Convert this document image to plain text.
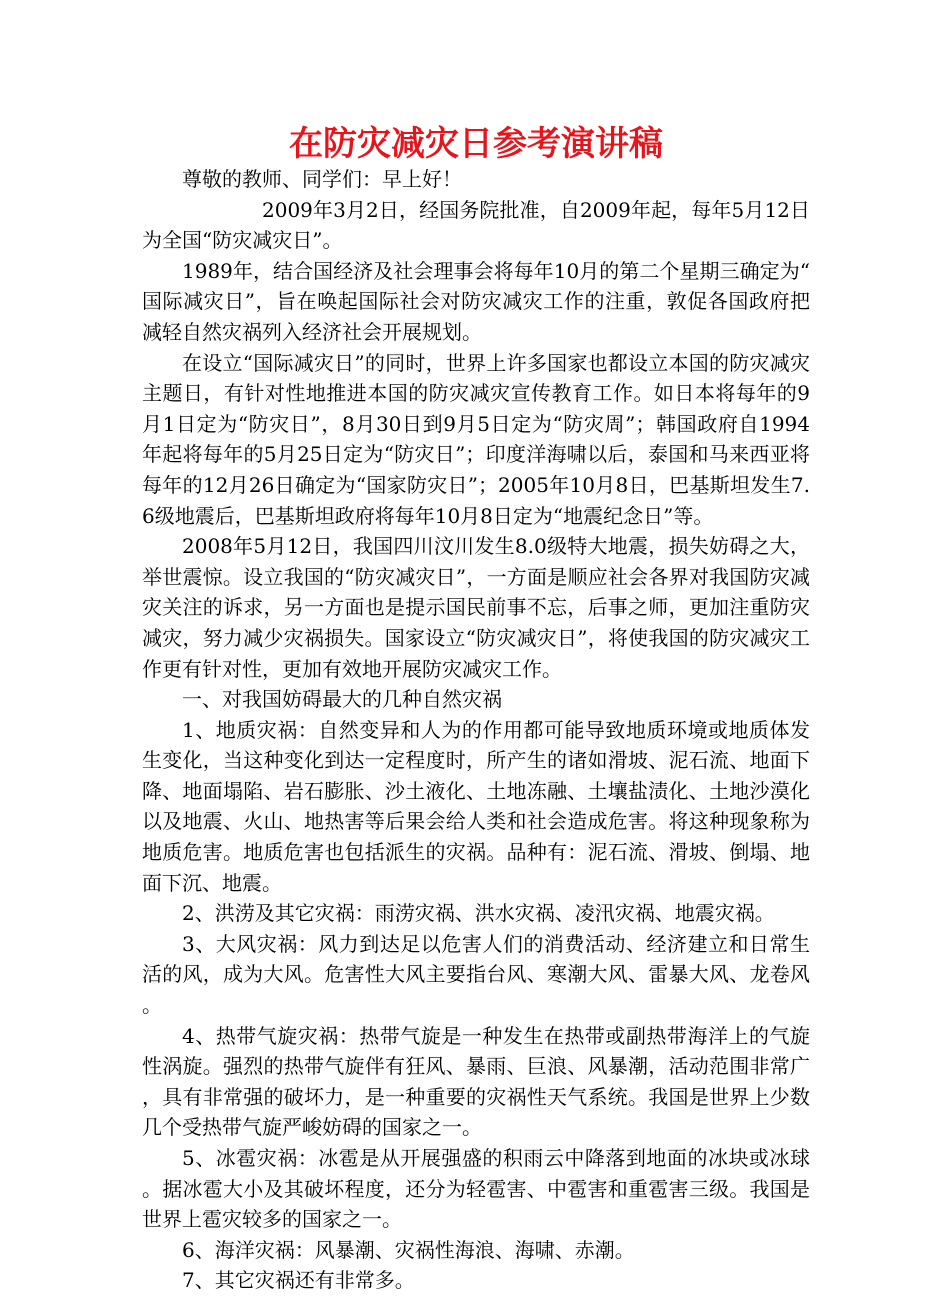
在防灾减灾日参考演讲稿

尊敬的教师、同学们：早上好！

2009年3月2日，经国务院批准，自2009年起，每年5月12日为全国“防灾减灾日”。

1989年，结合国经济及社会理事会将每年10月的第二个星期三确定为“国际减灾日”，旨在唤起国际社会对防灾减灾工作的注重，敦促各国政府把减轻自然灾祸列入经济社会开展规划。

在设立“国际减灾日”的同时，世界上许多国家也都设立本国的防灾减灾主题日，有针对性地推进本国的防灾减灾宣传教育工作。如日本将每年的9月1日定为“防灾日”，8月30日到9月5日定为“防灾周”；韩国政府自1994年起将每年的5月25日定为“防灾日”；印度洋海啸以后，泰国和马来西亚将每年的12月26日确定为“国家防灾日”；2005年10月8日，巴基斯坦发生7.6级地震后，巴基斯坦政府将每年10月8日定为“地震纪念日”等。

2008年5月12日，我国四川汶川发生8.0级特大地震，损失妨碍之大，举世震惊。设立我国的“防灾减灾日”，一方面是顺应社会各界对我国防灾减灾关注的诉求，另一方面也是提示国民前事不忘，后事之师，更加注重防灾减灾，努力减少灾祸损失。国家设立“防灾减灾日”，将使我国的防灾减灾工作更有针对性，更加有效地开展防灾减灾工作。

一、对我国妨碍最大的几种自然灾祸

1、地质灾祸：自然变异和人为的作用都可能导致地质环境或地质体发生变化，当这种变化到达一定程度时，所产生的诸如滑坡、泥石流、地面下降、地面塌陷、岩石膨胀、沙土液化、土地冻融、土壤盐渍化、土地沙漠化以及地震、火山、地热害等后果会给人类和社会造成危害。将这种现象称为地质危害。地质危害也包括派生的灾祸。品种有：泥石流、滑坡、倒塌、地面下沉、地震。

2、洪涝及其它灾祸：雨涝灾祸、洪水灾祸、凌汛灾祸、地震灾祸。

3、大风灾祸：风力到达足以危害人们的消费活动、经济建立和日常生活的风，成为大风。危害性大风主要指台风、寒潮大风、雷暴大风、龙卷风。

4、热带气旋灾祸：热带气旋是一种发生在热带或副热带海洋上的气旋性涡旋。强烈的热带气旋伴有狂风、暴雨、巨浪、风暴潮，活动范围非常广，具有非常强的破坏力，是一种重要的灾祸性天气系统。我国是世界上少数几个受热带气旋严峻妨碍的国家之一。

5、冰雹灾祸：冰雹是从开展强盛的积雨云中降落到地面的冰块或冰球。据冰雹大小及其破坏程度，还分为轻雹害、中雹害和重雹害三级。我国是世界上雹灾较多的国家之一。

6、海洋灾祸：风暴潮、灾祸性海浪、海啸、赤潮。

7、其它灾祸还有非常多。
